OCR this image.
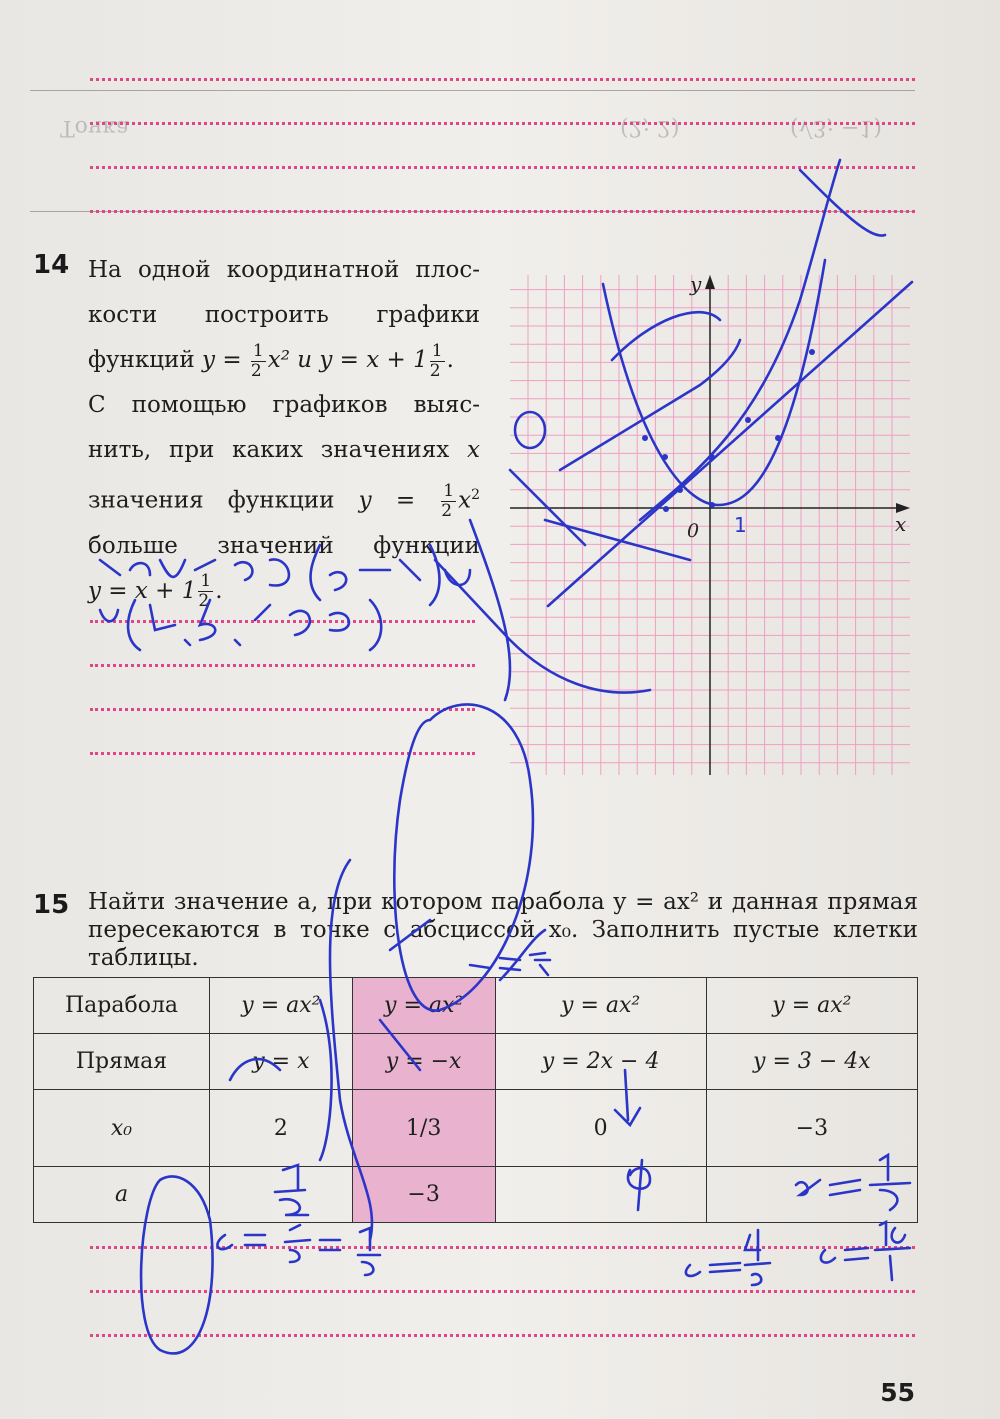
Точка	(2; 2)	(√3; −1)
14 На одной координатной плос-
кости построить графики
функций $y = \frac{1}{2} x^2$ и $y = x + 1 \frac{1}{2}$ .
С помощью графиков выяс-
нить, при каких значениях x
значения функции $y = \frac{1}{2} x^2$
больше значений функции
$y = x + 1 \frac{1}{2}$ .
y
x
0
15 Найти значение a, при котором парабола y = ax² и данная прямая пересекаются в точке с абсциссой x₀. Заполнить пустые клетки таблицы.
Парабола	y = ax²	y = ax²	y = ax²	y = ax²
Прямая	y = x	y = −x	y = 2x − 4	y = 3 − 4x
x₀	2	1/3	0	−3
a		−3		
1
55
